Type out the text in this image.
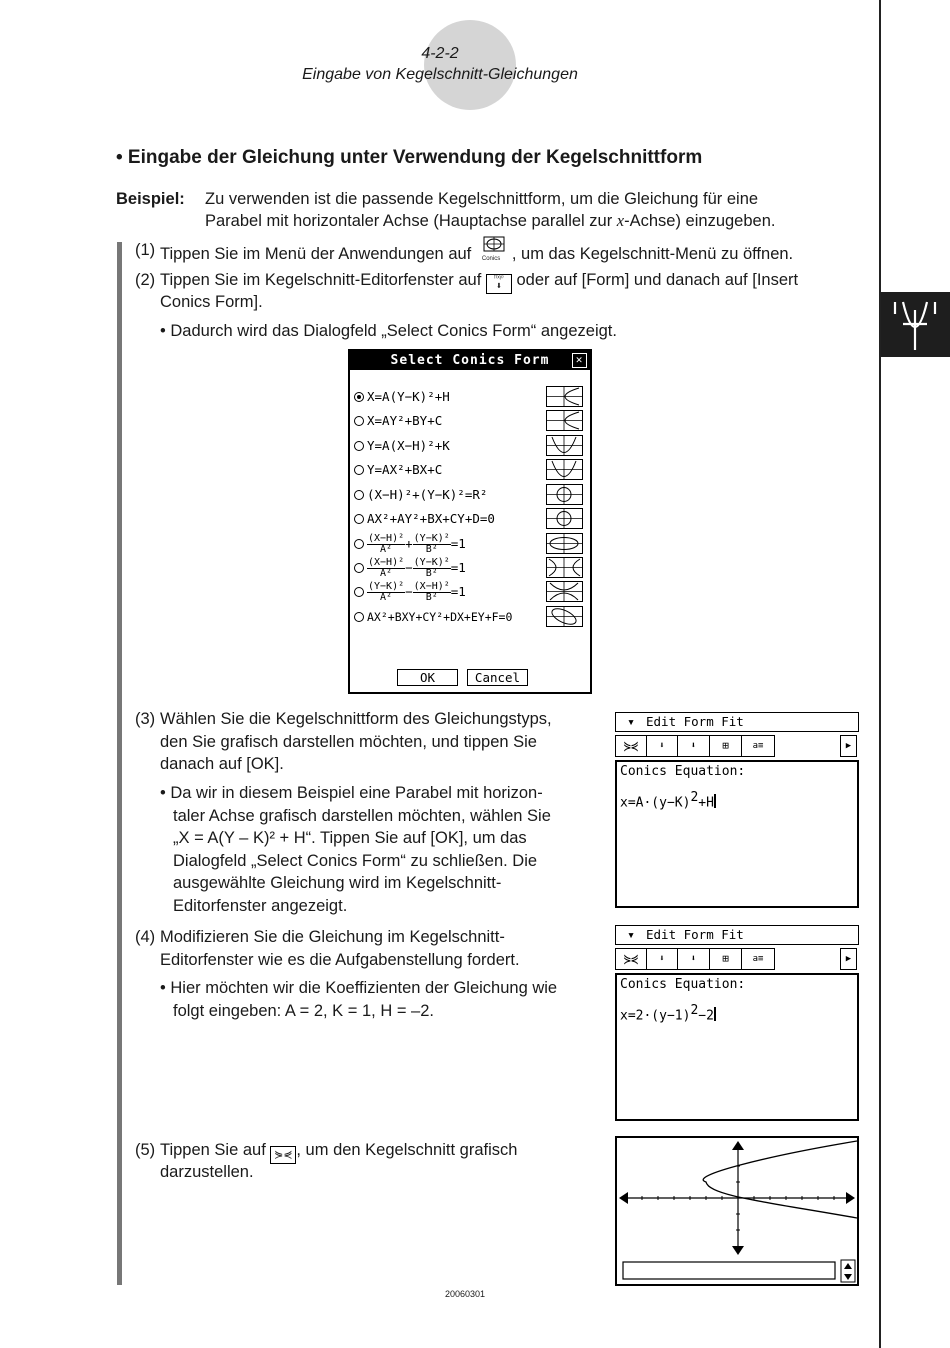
4-2-2
Eingabe von Kegelschnitt-Gleichungen
• Eingabe der Gleichung unter Verwendung der Kegelschnittform
Beispiel: Zu verwenden ist die passende Kegelschnittform, um die Gleichung für eine
Parabel mit horizontaler Achse (Hauptachse parallel zur x-Achse) einzugeben.
(1) Tippen Sie im Menü der Anwendungen auf Conics , um das Kegelschnitt-Menü zu öffnen.
(2) Tippen Sie im Kegelschnitt-Editorfenster auf ᶠ⁽ˣʸ⁾
⬇ oder auf [Form] und danach auf [Insert
Conics Form].
• Dadurch wird das Dialogfeld „Select Conics Form“ angezeigt.
Select Conics Form	✕
X=A(Y−K)²+H
X=AY²+BY+C
Y=A(X−H)²+K
Y=AX²+BX+C
(X−H)²+(Y−K)²=R²
AX²+AY²+BX+CY+D=0
$\frac{\text{(X−H)²}}{\text{A²}} + \frac{\text{(Y−K)²}}{\text{B²}} =1$
$\frac{\text{(X−H)²}}{\text{A²}} - \frac{\text{(Y−K)²}}{\text{B²}} =1$
$\frac{\text{(Y−K)²}}{\text{A²}} - \frac{\text{(X−H)²}}{\text{B²}} =1$
AX²+BXY+CY²+DX+EY+F=0
OK	Cancel
(3) Wählen Sie die Kegelschnittform des Gleichungstyps,
den Sie grafisch darstellen möchten, und tippen Sie
danach auf [OK].
• Da wir in diesem Beispiel eine Parabel mit horizon-
taler Achse grafisch darstellen möchten, wählen Sie
„X = A(Y – K)² + H“. Tippen Sie auf [OK], um das
Dialogfeld „Select Conics Form“ zu schließen. Die
ausgewählte Gleichung wird im Kegelschnitt-
Editorfenster angezeigt.
▾ Edit Form Fit
⋟⋞	⬇	⬇	⊞	a≡	▶
Conics Equation:
$x=A\cdot(y-K)^2+H$
(4) Modifizieren Sie die Gleichung im Kegelschnitt-
Editorfenster wie es die Aufgabenstellung fordert.
• Hier möchten wir die Koeffizienten der Gleichung wie
folgt eingeben: A = 2, K = 1, H = –2.
▾ Edit Form Fit
⋟⋞	⬇	⬇	⊞	a≡	▶
Conics Equation:
$x=2\cdot(y-1)^2-2$
(5) Tippen Sie auf ⋟⋞ , um den Kegelschnitt grafisch
darzustellen.
20060301
